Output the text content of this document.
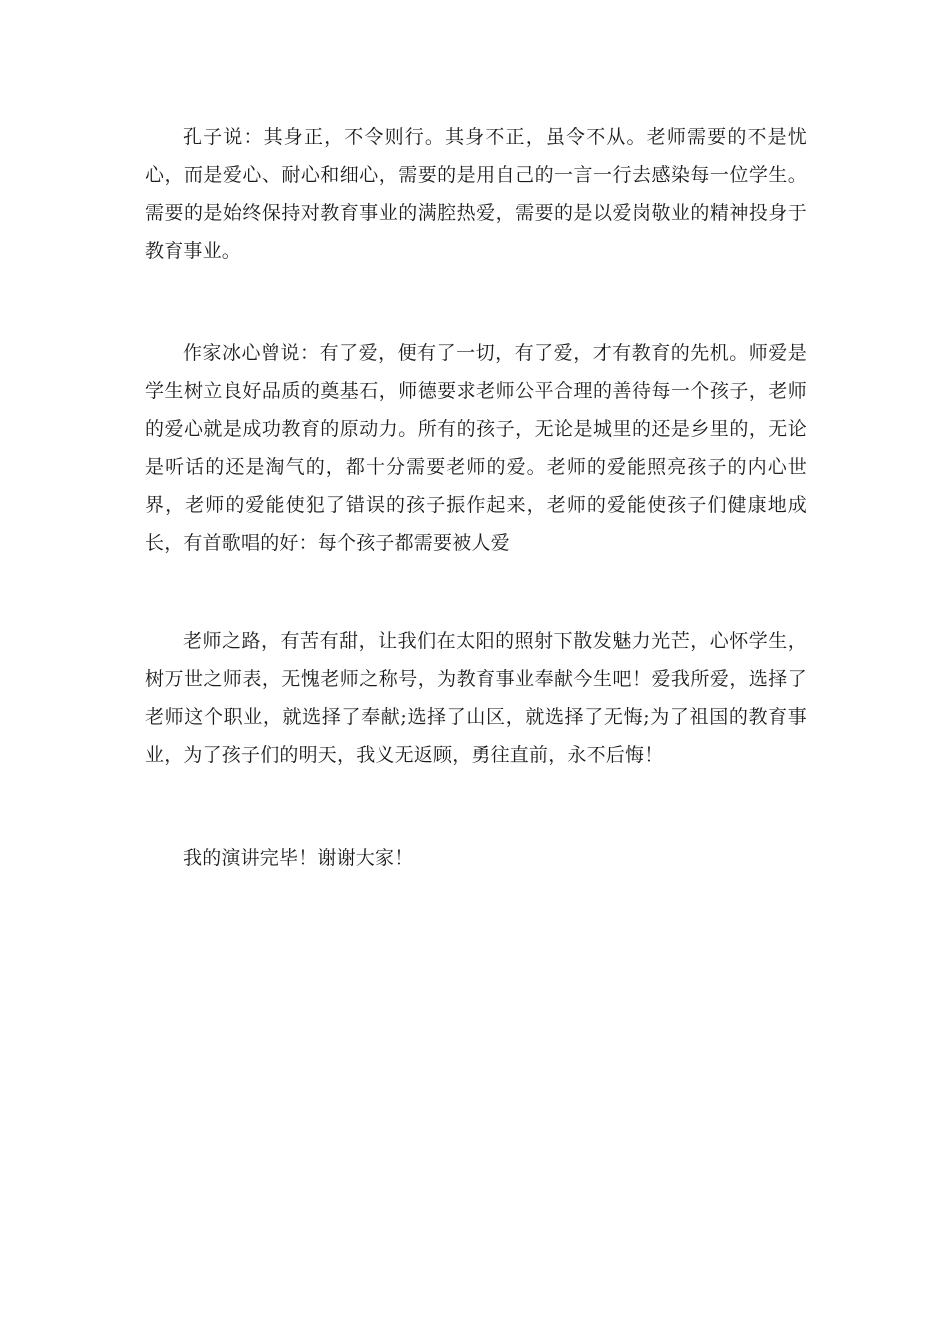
孔子说：其身正，不令则行。其身不正，虽令不从。老师需要的不是忧心，而是爱心、耐心和细心，需要的是用自己的一言一行去感染每一位学生。需要的是始终保持对教育事业的满腔热爱，需要的是以爱岗敬业的精神投身于教育事业。

作家冰心曾说：有了爱，便有了一切，有了爱，才有教育的先机。师爱是学生树立良好品质的奠基石，师德要求老师公平合理的善待每一个孩子，老师的爱心就是成功教育的原动力。所有的孩子，无论是城里的还是乡里的，无论是听话的还是淘气的，都十分需要老师的爱。老师的爱能照亮孩子的内心世界，老师的爱能使犯了错误的孩子振作起来，老师的爱能使孩子们健康地成长，有首歌唱的好：每个孩子都需要被人爱

老师之路，有苦有甜，让我们在太阳的照射下散发魅力光芒，心怀学生，树万世之师表，无愧老师之称号，为教育事业奉献今生吧！爱我所爱，选择了老师这个职业，就选择了奉献;选择了山区，就选择了无悔;为了祖国的教育事业，为了孩子们的明天，我义无返顾，勇往直前，永不后悔！

我的演讲完毕！谢谢大家！
